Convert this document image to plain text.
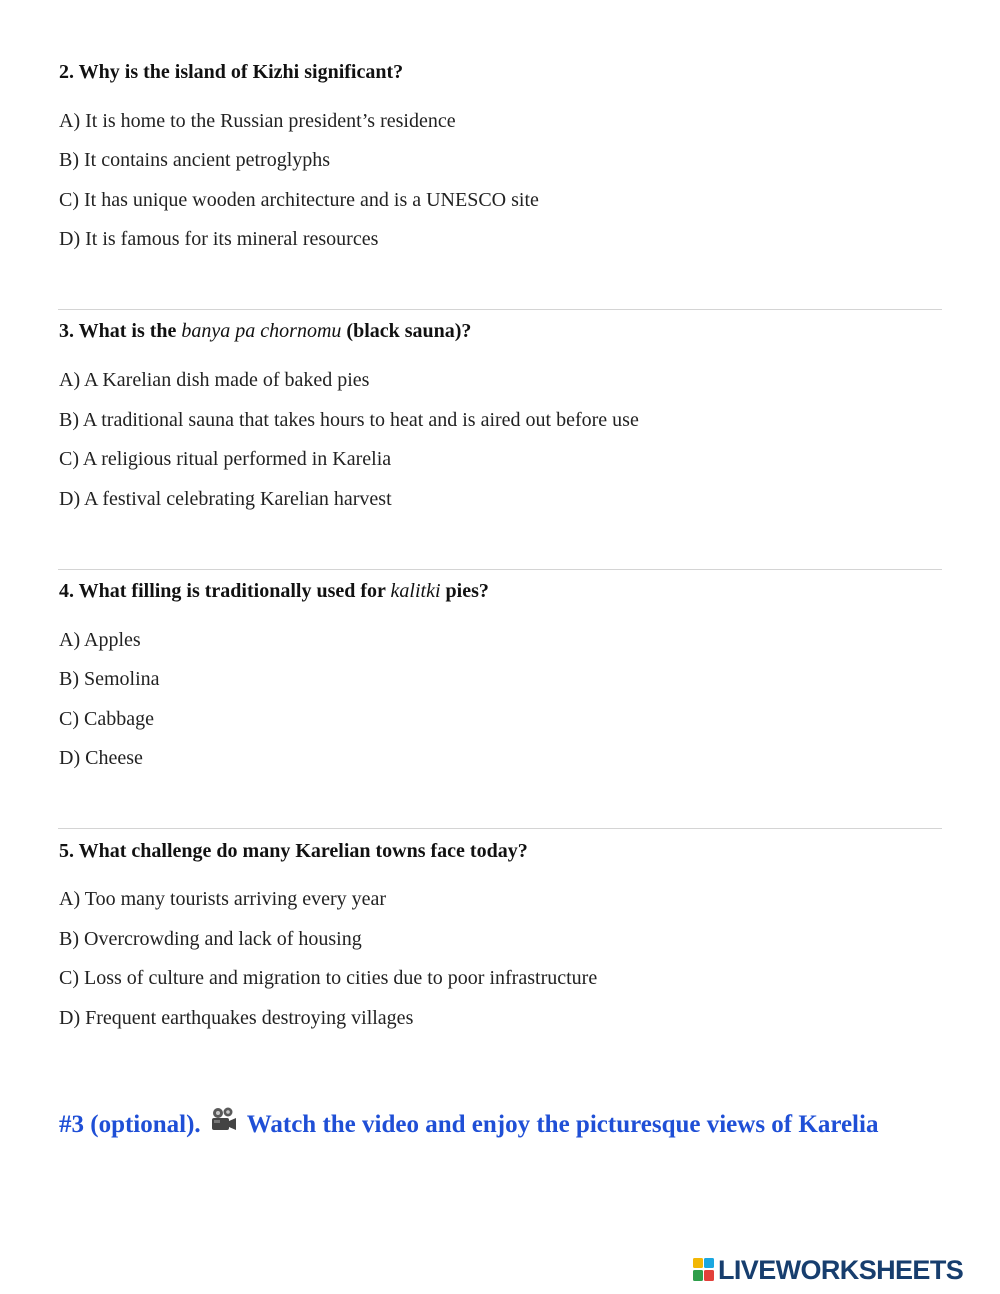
2. Why is the island of Kizhi significant?
A) It is home to the Russian president’s residence
B) It contains ancient petroglyphs
C) It has unique wooden architecture and is a UNESCO site
D) It is famous for its mineral resources
3. What is the banya pa chornomu (black sauna)?
A) A Karelian dish made of baked pies
B) A traditional sauna that takes hours to heat and is aired out before use
C) A religious ritual performed in Karelia
D) A festival celebrating Karelian harvest
4. What filling is traditionally used for kalitki pies?
A) Apples
B) Semolina
C) Cabbage
D) Cheese
5. What challenge do many Karelian towns face today?
A) Too many tourists arriving every year
B) Overcrowding and lack of housing
C) Loss of culture and migration to cities due to poor infrastructure
D) Frequent earthquakes destroying villages
#3 (optional). Watch the video and enjoy the picturesque views of Karelia
LIVEWORKSHEETS
